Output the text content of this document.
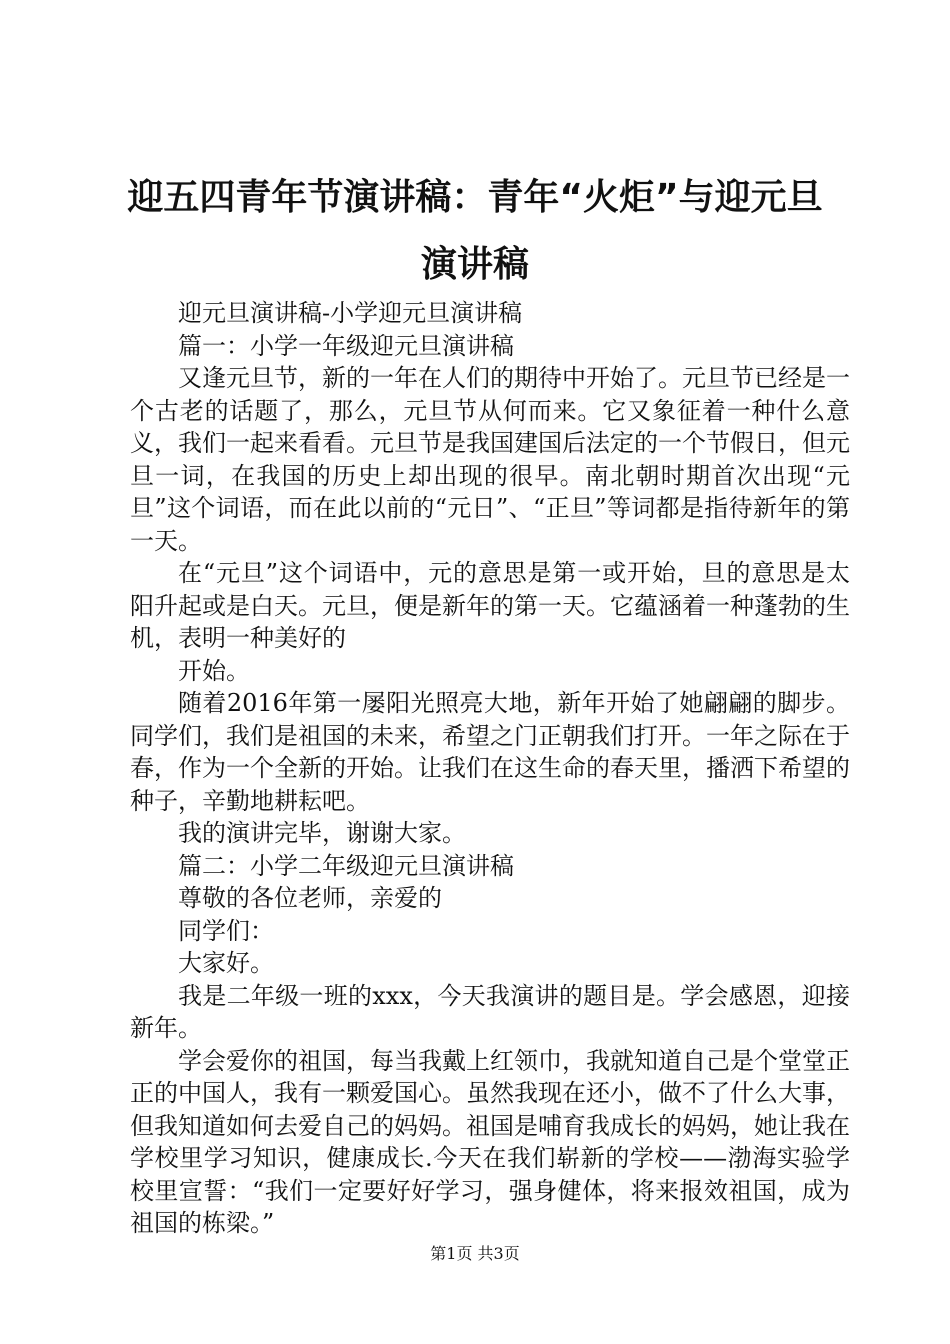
迎五四青年节演讲稿：青年“火炬”与迎元旦
演讲稿

迎元旦演讲稿-小学迎元旦演讲稿

篇一：小学一年级迎元旦演讲稿

又逢元旦节，新的一年在人们的期待中开始了。元旦节已经是一个古老的话题了，那么，元旦节从何而来。它又象征着一种什么意义，我们一起来看看。元旦节是我国建国后法定的一个节假日，但元旦一词，在我国的历史上却出现的很早。南北朝时期首次出现“元旦”这个词语，而在此以前的“元日”、“正旦”等词都是指待新年的第一天。

在“元旦”这个词语中，元的意思是第一或开始，旦的意思是太阳升起或是白天。元旦，便是新年的第一天。它蕴涵着一种蓬勃的生机，表明一种美好的

开始。

随着2016年第一屡阳光照亮大地，新年开始了她翩翩的脚步。同学们，我们是祖国的未来，希望之门正朝我们打开。一年之际在于春，作为一个全新的开始。让我们在这生命的春天里，播洒下希望的种子，辛勤地耕耘吧。

我的演讲完毕，谢谢大家。

篇二：小学二年级迎元旦演讲稿

尊敬的各位老师，亲爱的

同学们：

大家好。

我是二年级一班的xxx，今天我演讲的题目是。学会感恩，迎接新年。

学会爱你的祖国，每当我戴上红领巾，我就知道自己是个堂堂正正的中国人，我有一颗爱国心。虽然我现在还小，做不了什么大事，但我知道如何去爱自己的妈妈。祖国是哺育我成长的妈妈，她让我在学校里学习知识，健康成长.今天在我们崭新的学校——渤海实验学校里宣誓：“我们一定要好好学习，强身健体，将来报效祖国，成为祖国的栋梁。”

第1页 共3页
